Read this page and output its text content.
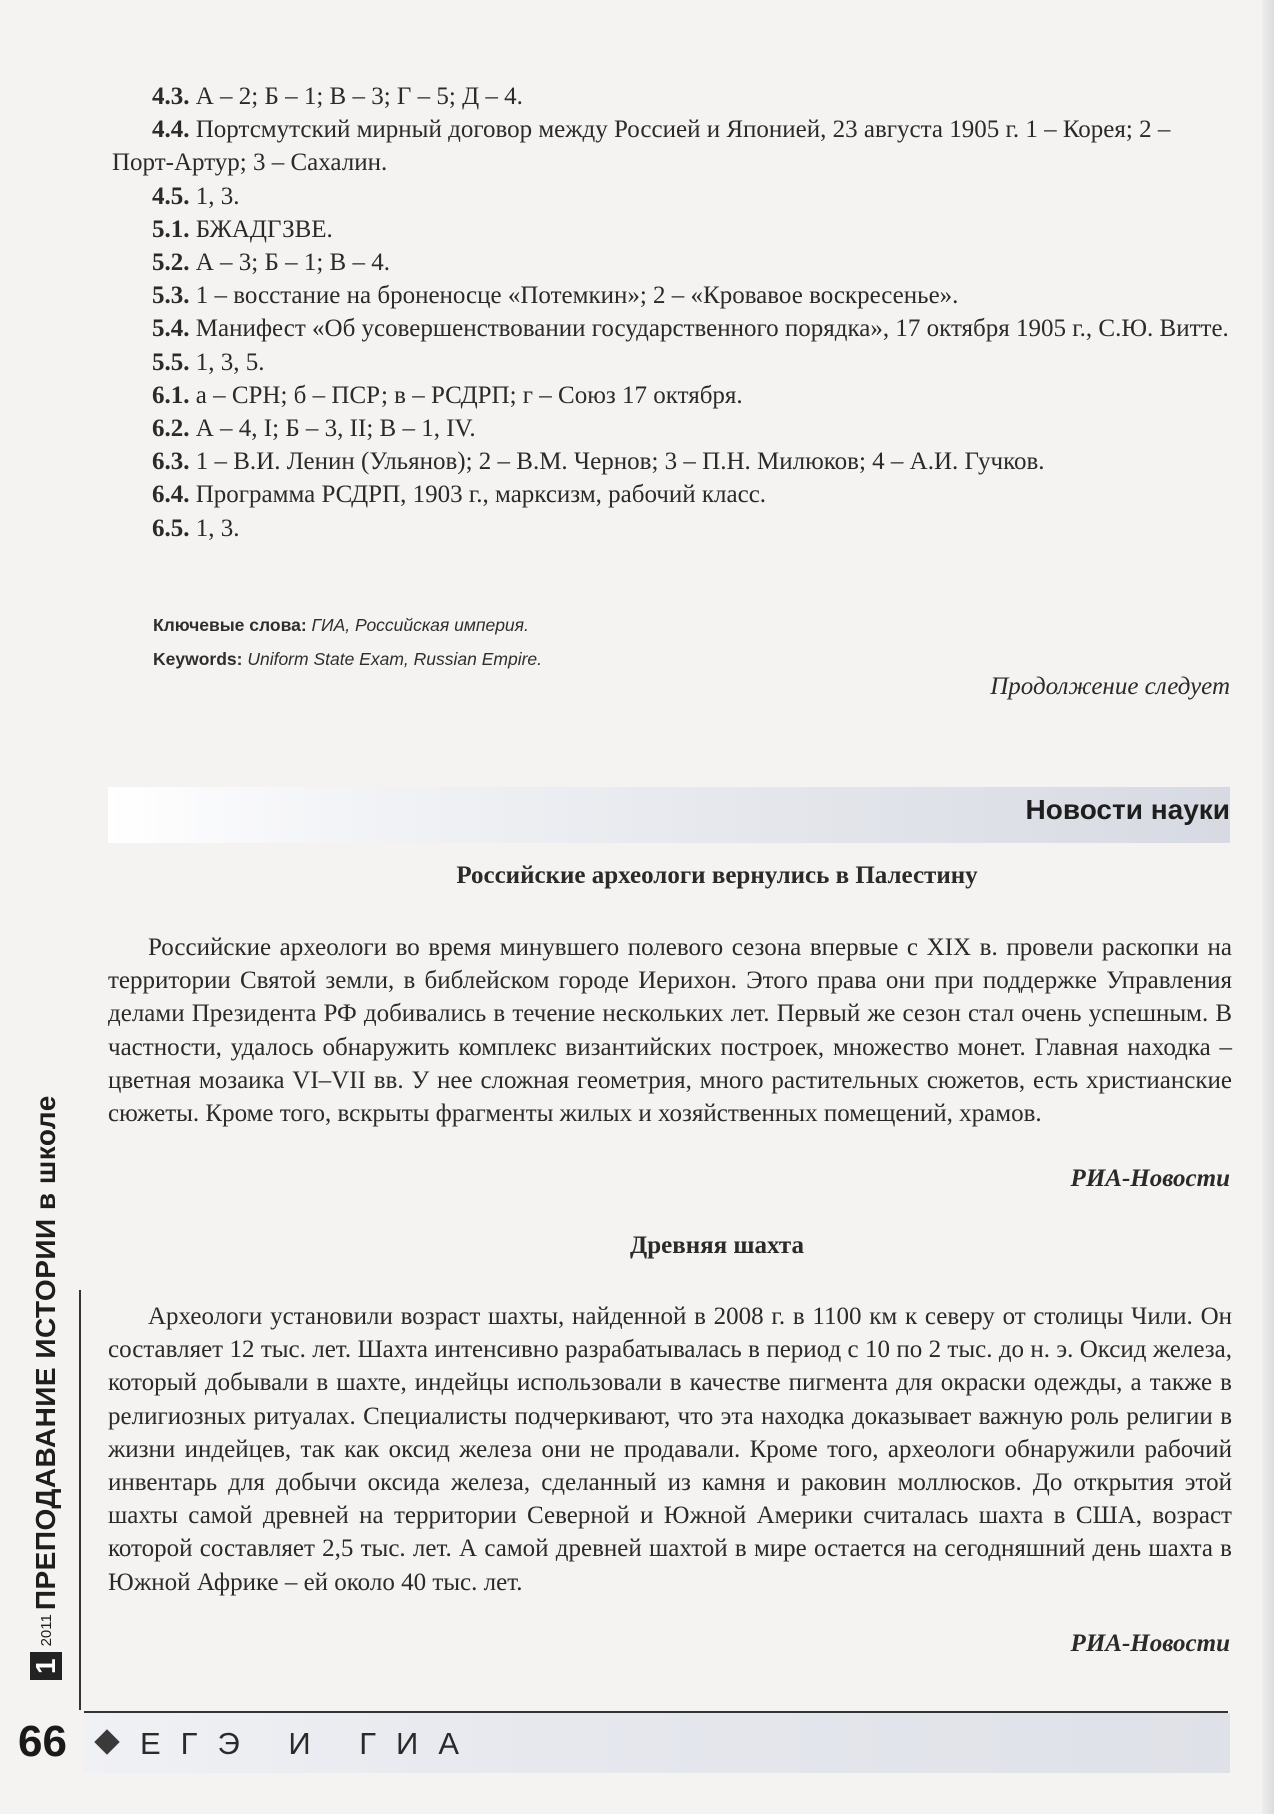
4.3. А – 2; Б – 1; В – 3; Г – 5; Д – 4.
4.4. Портсмутский мирный договор между Россией и Японией, 23 августа 1905 г. 1 – Корея; 2 – Порт-Артур; 3 – Сахалин.
4.5. 1, 3.
5.1. БЖАДГЗВЕ.
5.2. А – 3; Б – 1; В – 4.
5.3. 1 – восстание на броненосце «Потемкин»; 2 – «Кровавое воскресенье».
5.4. Манифест «Об усовершенствовании государственного порядка», 17 октября 1905 г., С.Ю. Витте.
5.5. 1, 3, 5.
6.1. а – СРН; б – ПСР; в – РСДРП; г – Союз 17 октября.
6.2. А – 4, I; Б – 3, II; В – 1, IV.
6.3. 1 – В.И. Ленин (Ульянов); 2 – В.М. Чернов; 3 – П.Н. Милюков; 4 – А.И. Гучков.
6.4. Программа РСДРП, 1903 г., марксизм, рабочий класс.
6.5. 1, 3.
Ключевые слова: ГИА, Российская империя.
Keywords: Uniform State Exam, Russian Empire.
Продолжение следует
Новости науки
Российские археологи вернулись в Палестину

Российские археологи во время минувшего полевого сезона впервые с XIX в. провели раскопки на территории Святой земли, в библейском городе Иерихон. Этого права они при поддержке Управления делами Президента РФ добивались в течение нескольких лет. Первый же сезон стал очень успешным. В частности, удалось обнаружить комплекс византийских построек, множество монет. Главная находка – цветная мозаика VI–VII вв. У нее сложная геометрия, много растительных сюжетов, есть христианские сюжеты. Кроме того, вскрыты фрагменты жилых и хозяйственных помещений, храмов.

РИА-Новости
Древняя шахта

Археологи установили возраст шахты, найденной в 2008 г. в 1100 км к северу от столицы Чили. Он составляет 12 тыс. лет. Шахта интенсивно разрабатывалась в период с 10 по 2 тыс. до н. э. Оксид железа, который добывали в шахте, индейцы использовали в качестве пигмента для окраски одежды, а также в религиозных ритуалах. Специалисты подчеркивают, что эта находка доказывает важную роль религии в жизни индейцев, так как оксид железа они не продавали. Кроме того, археологи обнаружили рабочий инвентарь для добычи оксида железа, сделанный из камня и раковин моллюсков. До открытия этой шахты самой древней на территории Северной и Южной Америки считалась шахта в США, возраст которой составляет 2,5 тыс. лет. А самой древней шахтой в мире остается на сегодняшний день шахта в Южной Африке – ей около 40 тыс. лет.

РИА-Новости
1
2011
ПРЕПОДАВАНИЕ ИСТОРИИ в школе
66 ЕГЭ И ГИА
